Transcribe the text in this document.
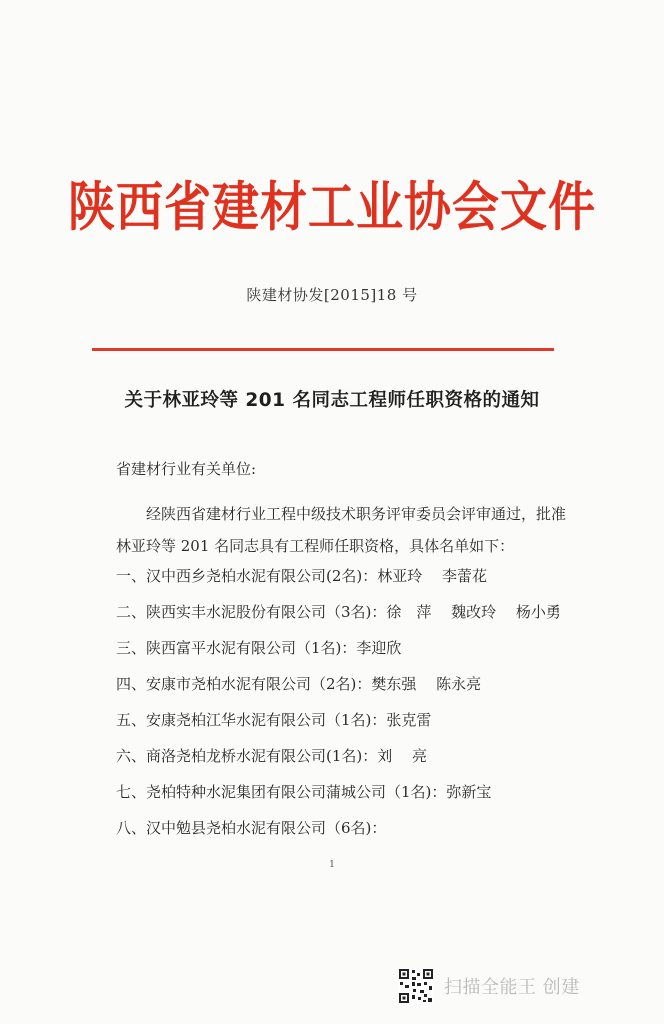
陕西省建材工业协会文件
陕建材协发[2015]18 号
关于林亚玲等 201 名同志工程师任职资格的通知
省建材行业有关单位:
经陕西省建材行业工程中级技术职务评审委员会评审通过，批准
林亚玲等 201 名同志具有工程师任职资格，具体名单如下：
一、汉中西乡尧柏水泥有限公司(2名)：林亚玲　 李蕾花
二、陕西实丰水泥股份有限公司（3名)：徐　萍　 魏改玲　 杨小勇
三、陕西富平水泥有限公司（1名)：李迎欣
四、安康市尧柏水泥有限公司（2名)：樊东强　 陈永亮
五、安康尧柏江华水泥有限公司（1名)：张克雷
六、商洛尧柏龙桥水泥有限公司(1名)：刘　 亮
七、尧柏特种水泥集团有限公司蒲城公司（1名)：弥新宝
八、汉中勉县尧柏水泥有限公司（6名)：
1
扫描全能王 创建
